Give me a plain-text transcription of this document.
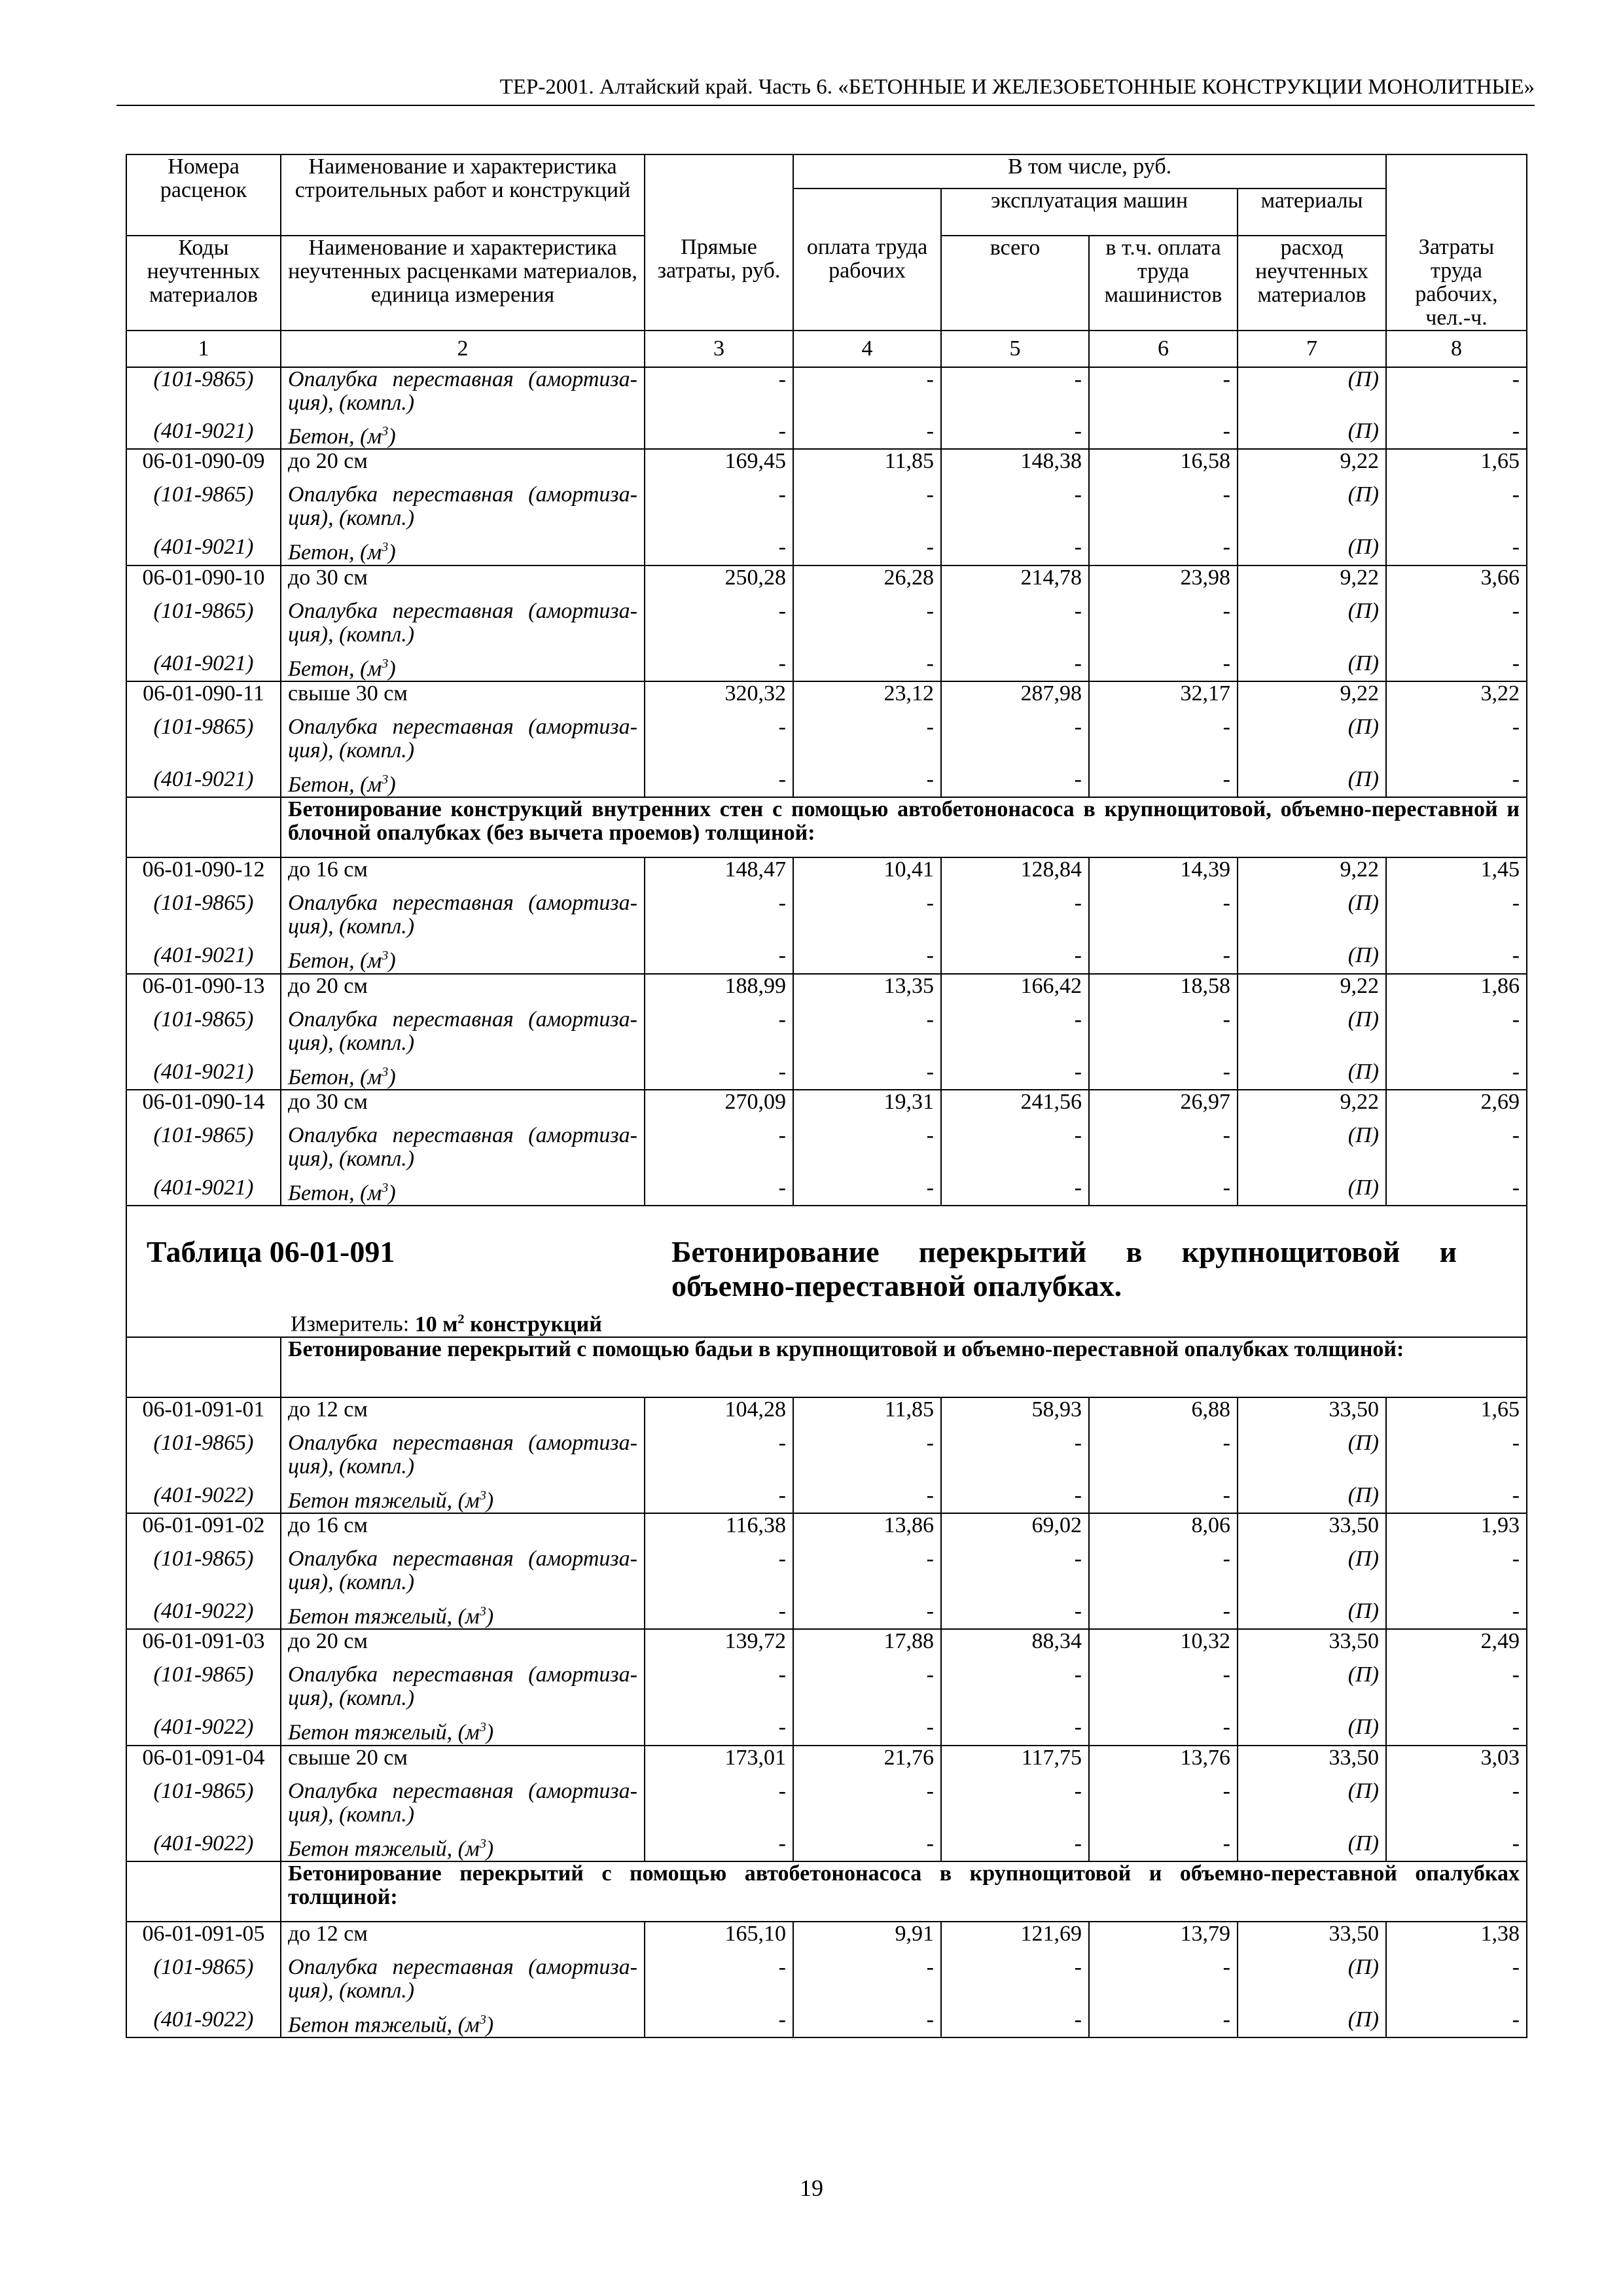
ТЕР-2001. Алтайский край. Часть 6. «БЕТОННЫЕ И ЖЕЛЕЗОБЕТОННЫЕ КОНСТРУКЦИИ МОНОЛИТНЫЕ»
Номера расценок	Наименование и характеристика строительных работ и конструкций		В том числе, руб.				
				эксплуатация машин		материалы	
Коды неучтенных материалов	Наименование и характеристика неучтенных расценками материалов, единица измерения	Прямые затраты, руб.	оплата труда рабочих	всего	в т.ч. оплата труда машинистов	расход неучтенных материалов	Затраты труда рабочих, чел.-ч.
1	2	3	4	5	6	7	8
(101-9865)	Опалубка переставная (амортиза-ция), (компл.)	-	-	-	-	(П)	-
(401-9021)	Бетон, $(м^3)$	-	-	-	-	(П)	-
06-01-090-09	до 20 см	169,45	11,85	148,38	16,58	9,22	1,65
(101-9865)	Опалубка переставная (амортиза-ция), (компл.)	-	-	-	-	(П)	-
(401-9021)	Бетон, $(м^3)$	-	-	-	-	(П)	-
06-01-090-10	до 30 см	250,28	26,28	214,78	23,98	9,22	3,66
(101-9865)	Опалубка переставная (амортиза-ция), (компл.)	-	-	-	-	(П)	-
(401-9021)	Бетон, $(м^3)$	-	-	-	-	(П)	-
06-01-090-11	свыше 30 см	320,32	23,12	287,98	32,17	9,22	3,22
(101-9865)	Опалубка переставная (амортиза-ция), (компл.)	-	-	-	-	(П)	-
(401-9021)	Бетон, $(м^3)$	-	-	-	-	(П)	-
	Бетонирование конструкций внутренних стен с помощью автобетононасоса в крупнощитовой, объемно-переставной и блочной опалубках (без вычета проемов) толщиной:						
06-01-090-12	до 16 см	148,47	10,41	128,84	14,39	9,22	1,45
(101-9865)	Опалубка переставная (амортиза-ция), (компл.)	-	-	-	-	(П)	-
(401-9021)	Бетон, $(м^3)$	-	-	-	-	(П)	-
06-01-090-13	до 20 см	188,99	13,35	166,42	18,58	9,22	1,86
(101-9865)	Опалубка переставная (амортиза-ция), (компл.)	-	-	-	-	(П)	-
(401-9021)	Бетон, $(м^3)$	-	-	-	-	(П)	-
06-01-090-14	до 30 см	270,09	19,31	241,56	26,97	9,22	2,69
(101-9865)	Опалубка переставная (амортиза-ция), (компл.)	-	-	-	-	(П)	-
(401-9021)	Бетон, $(м^3)$	-	-	-	-	(П)	-

Таблица 06-01-091 Бетонирование перекрытий в крупнощитовой и объемно-переставной опалубках.
Измеритель: 10 $м^2$ конструкций							

	Бетонирование перекрытий с помощью бадьи в крупнощитовой и объемно-переставной опалубках толщиной:						
06-01-091-01	до 12 см	104,28	11,85	58,93	6,88	33,50	1,65
(101-9865)	Опалубка переставная (амортиза-ция), (компл.)	-	-	-	-	(П)	-
(401-9022)	Бетон тяжелый, $(м^3)$	-	-	-	-	(П)	-
06-01-091-02	до 16 см	116,38	13,86	69,02	8,06	33,50	1,93
(101-9865)	Опалубка переставная (амортиза-ция), (компл.)	-	-	-	-	(П)	-
(401-9022)	Бетон тяжелый, $(м^3)$	-	-	-	-	(П)	-
06-01-091-03	до 20 см	139,72	17,88	88,34	10,32	33,50	2,49
(101-9865)	Опалубка переставная (амортиза-ция), (компл.)	-	-	-	-	(П)	-
(401-9022)	Бетон тяжелый, $(м^3)$	-	-	-	-	(П)	-
06-01-091-04	свыше 20 см	173,01	21,76	117,75	13,76	33,50	3,03
(101-9865)	Опалубка переставная (амортиза-ция), (компл.)	-	-	-	-	(П)	-
(401-9022)	Бетон тяжелый, $(м^3)$	-	-	-	-	(П)	-
	Бетонирование перекрытий с помощью автобетононасоса в крупнощитовой и объемно-переставной опалубках толщиной:						
06-01-091-05	до 12 см	165,10	9,91	121,69	13,79	33,50	1,38
(101-9865)	Опалубка переставная (амортиза-ция), (компл.)	-	-	-	-	(П)	-
(401-9022)	Бетон тяжелый, $(м^3)$	-	-	-	-	(П)	-
19
